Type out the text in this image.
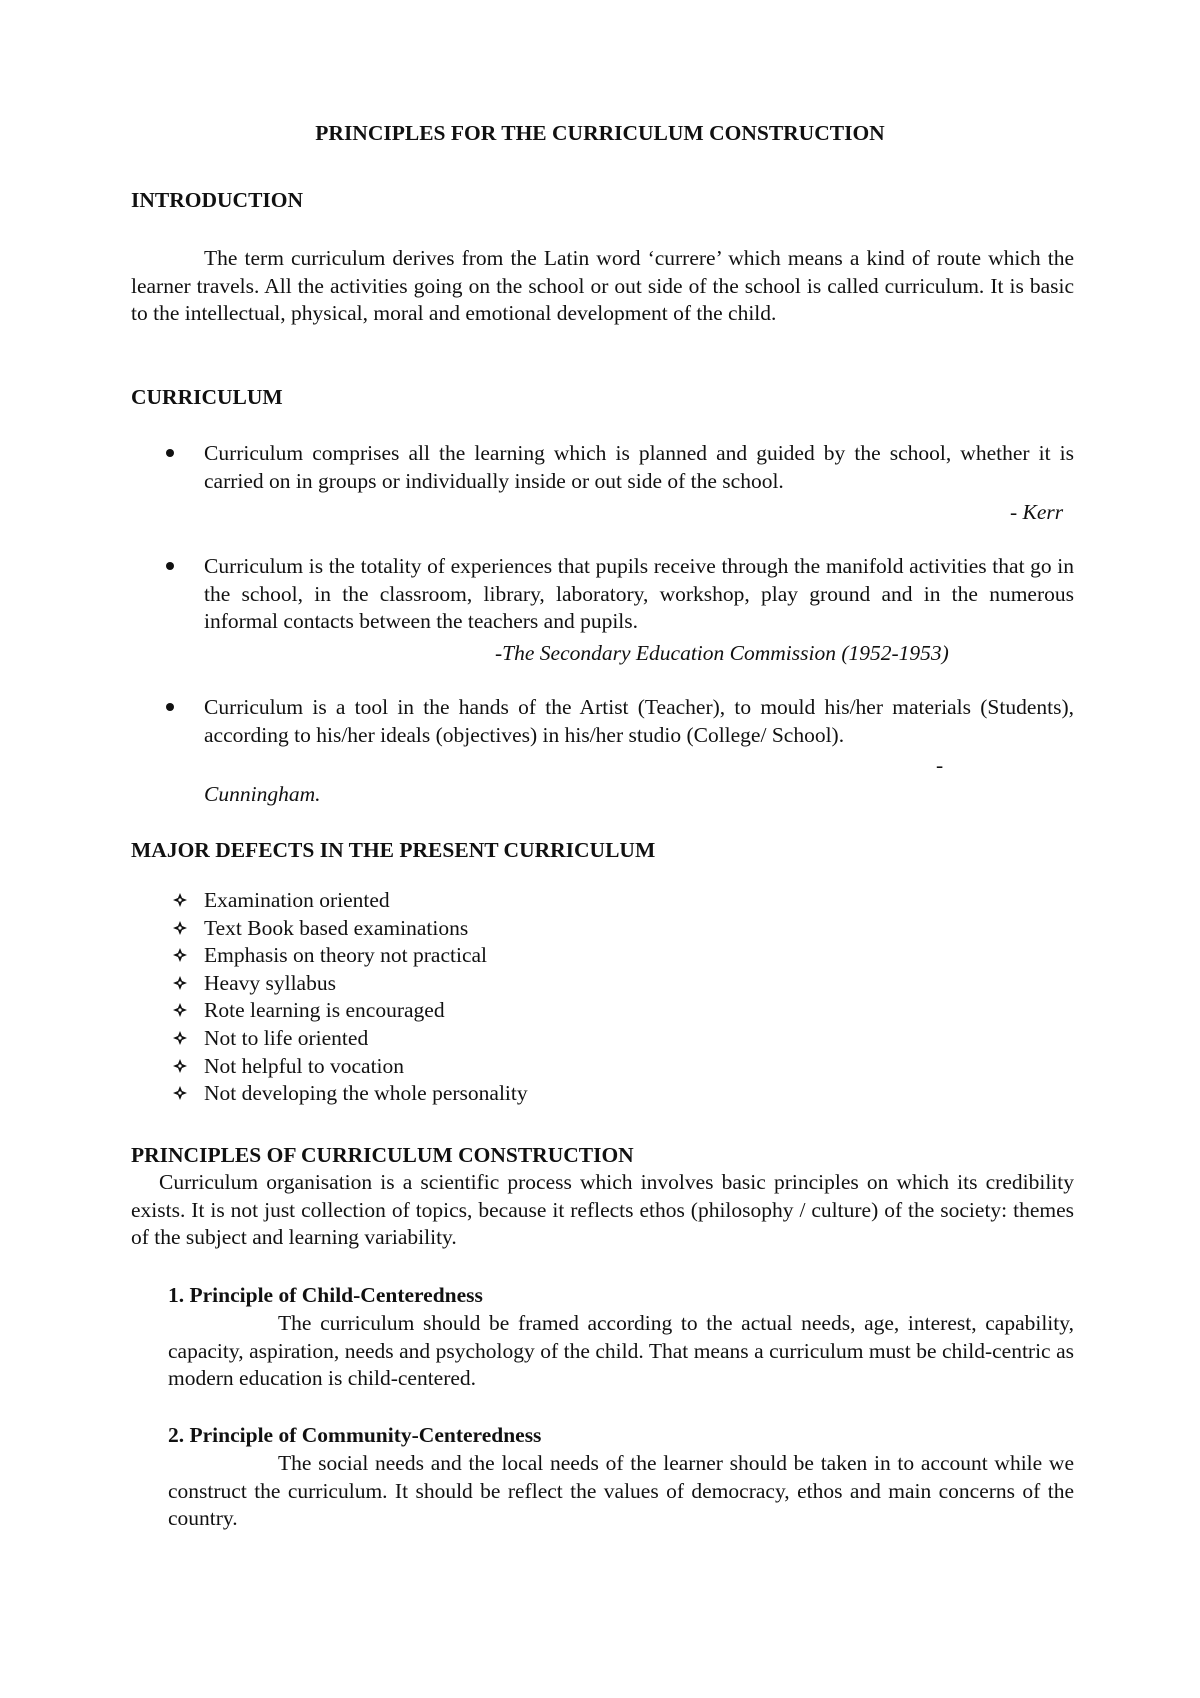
PRINCIPLES FOR THE CURRICULUM CONSTRUCTION
INTRODUCTION

The term curriculum derives from the Latin word ‘currere’ which means a kind of route which the learner travels. All the activities going on the school or out side of the school is called curriculum. It is basic to the intellectual, physical, moral and emotional development of the child.

CURRICULUM

Curriculum comprises all the learning which is planned and guided by the school, whether it is carried on in groups or individually inside or out side of the school.

- Kerr

Curriculum is the totality of experiences that pupils receive through the manifold activities that go in the school, in the classroom, library, laboratory, workshop, play ground and in the numerous informal contacts between the teachers and pupils.

-The Secondary Education Commission (1952-1953)

Curriculum is a tool in the hands of the Artist (Teacher), to mould his/her materials (Students), according to his/her ideals (objectives) in his/her studio (College/ School).

-
Cunningham.
MAJOR DEFECTS IN THE PRESENT CURRICULUM
Examination oriented
Text Book based examinations
Emphasis on theory not practical
Heavy syllabus
Rote learning is encouraged
Not to life oriented
Not helpful to vocation
Not developing the whole personality
PRINCIPLES OF CURRICULUM CONSTRUCTION

Curriculum organisation is a scientific process which involves basic principles on which its credibility exists. It is not just collection of topics, because it reflects ethos (philosophy / culture) of the society: themes of the subject and learning variability.

1. Principle of Child-Centeredness

The curriculum should be framed according to the actual needs, age, interest, capability, capacity, aspiration, needs and psychology of the child. That means a curriculum must be child-centric as modern education is child-centered.

2. Principle of Community-Centeredness

The social needs and the local needs of the learner should be taken in to account while we construct the curriculum. It should be reflect the values of democracy, ethos and main concerns of the country.
